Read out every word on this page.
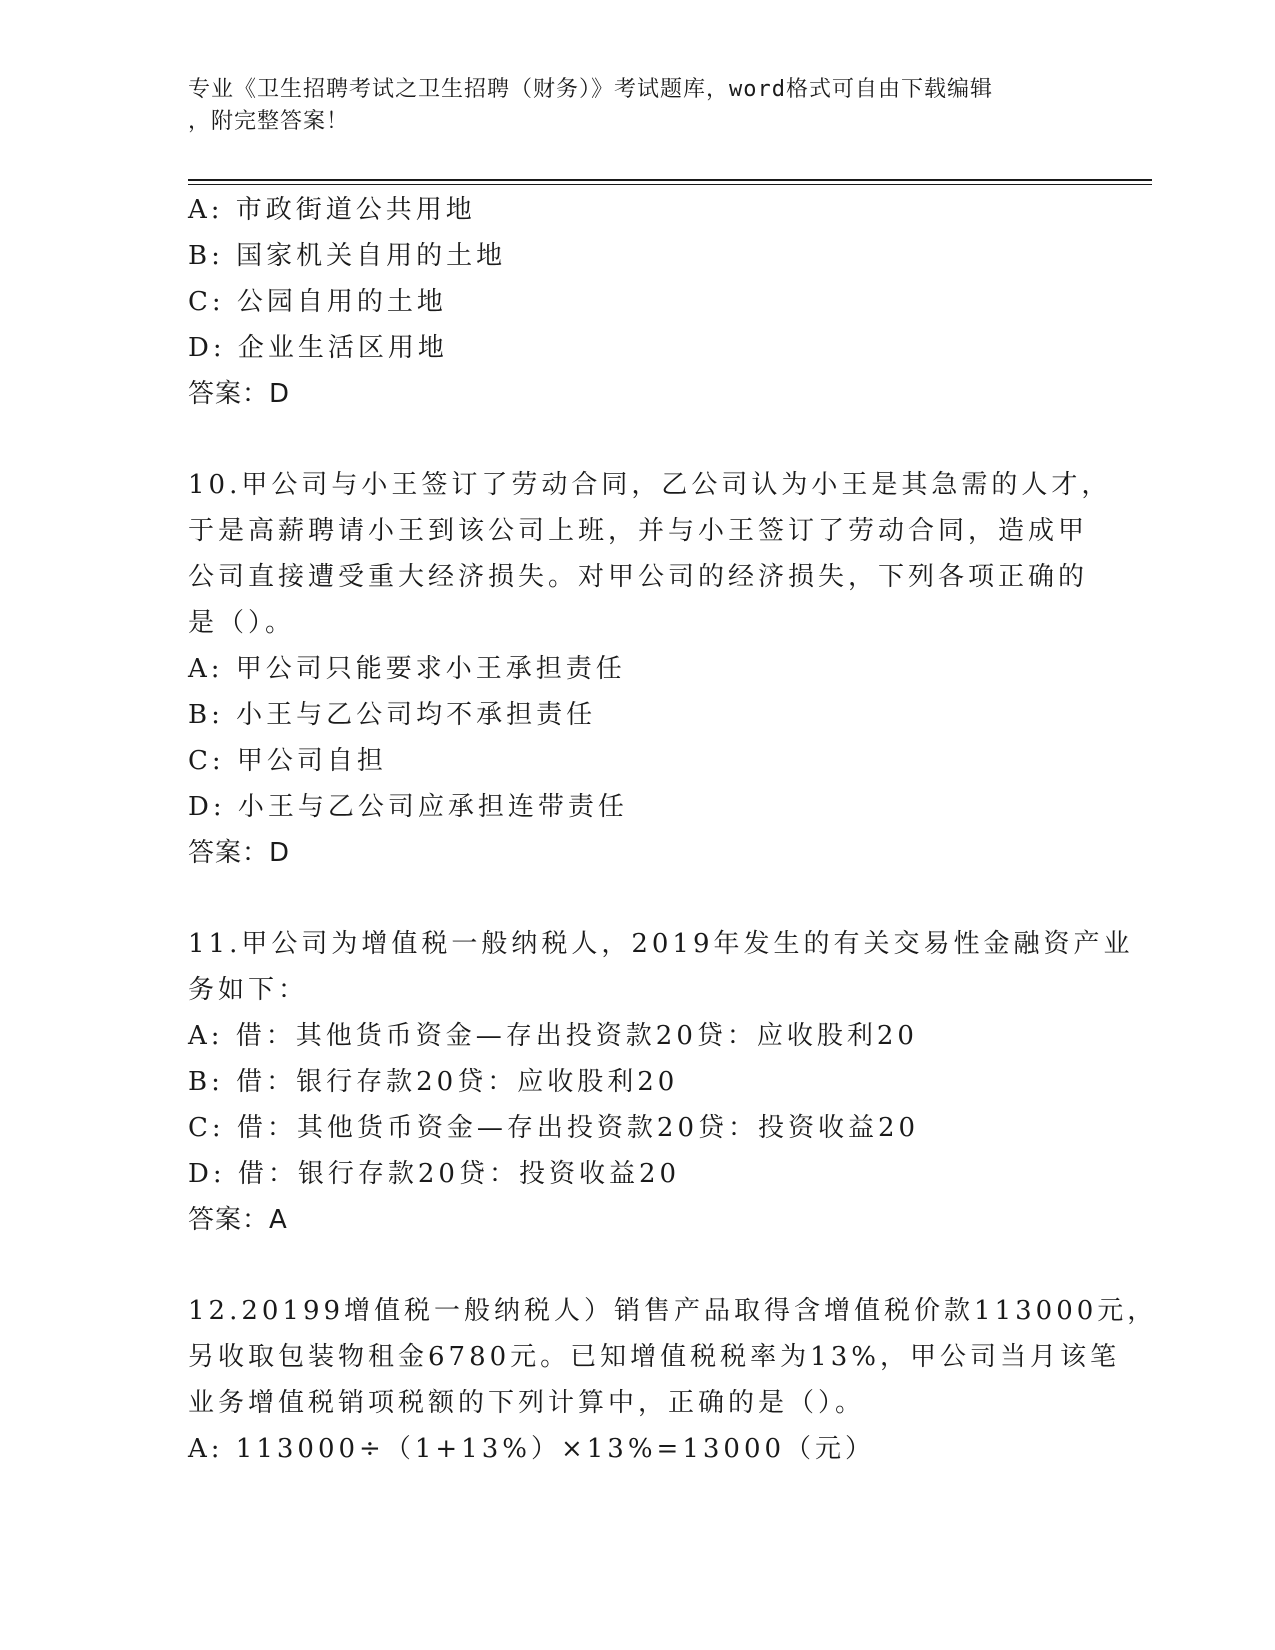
专业《卫生招聘考试之卫生招聘（财务）》考试题库，word格式可自由下载编辑
，附完整答案！
A: 市政街道公共用地
B: 国家机关自用的土地
C: 公园自用的土地
D: 企业生活区用地
答案：D
10.甲公司与小王签订了劳动合同，乙公司认为小王是其急需的人才，
于是高薪聘请小王到该公司上班，并与小王签订了劳动合同，造成甲
公司直接遭受重大经济损失。对甲公司的经济损失，下列各项正确的
是（）。
A: 甲公司只能要求小王承担责任
B: 小王与乙公司均不承担责任
C: 甲公司自担
D: 小王与乙公司应承担连带责任
答案：D
11.甲公司为增值税一般纳税人，2019年发生的有关交易性金融资产业
务如下：
A: 借：其他货币资金—存出投资款20贷：应收股利20
B: 借：银行存款20贷：应收股利20
C: 借：其他货币资金—存出投资款20贷：投资收益20
D: 借：银行存款20贷：投资收益20
答案：A
12.20199增值税一般纳税人）销售产品取得含增值税价款113000元，
另收取包装物租金6780元。已知增值税税率为13%，甲公司当月该笔
业务增值税销项税额的下列计算中，正确的是（）。
A: 113000÷（1+13%）×13%=13000（元）
